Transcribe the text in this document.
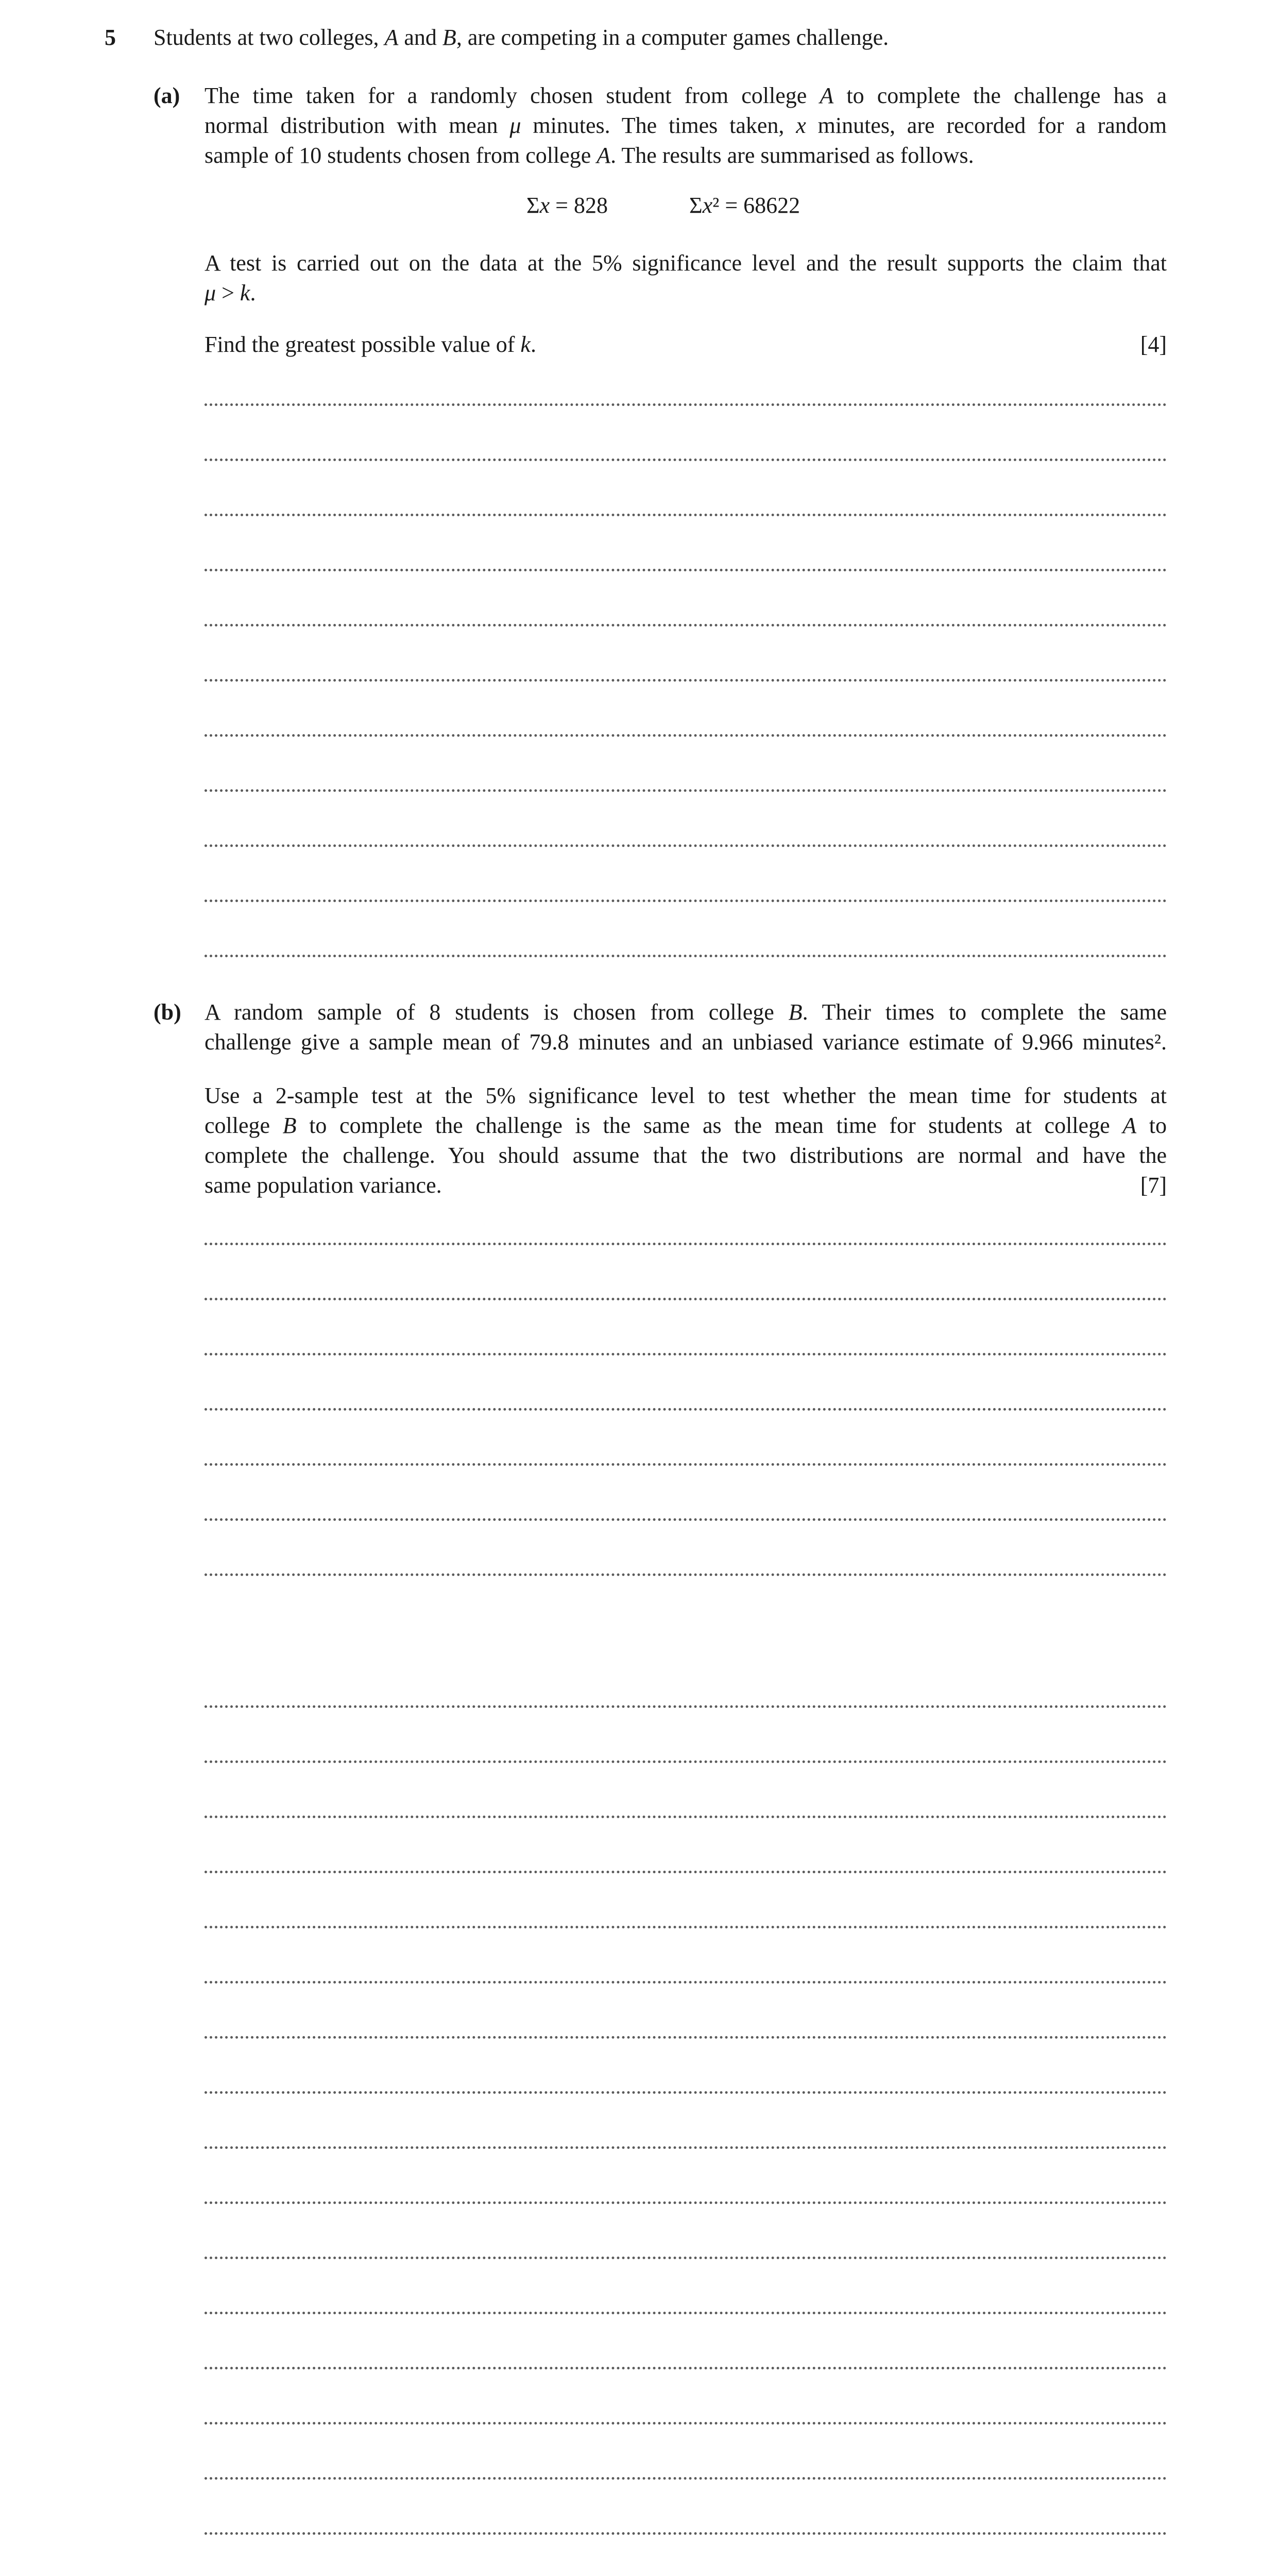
5 Students at two colleges, A and B, are competing in a computer games challenge.
(a) The time taken for a randomly chosen student from college A to complete the challenge has a
normal distribution with mean μ minutes. The times taken, x minutes, are recorded for a random
sample of 10 students chosen from college A. The results are summarised as follows.
Σx = 828	Σx² = 68622
A test is carried out on the data at the 5% significance level and the result supports the claim that
μ > k.
Find the greatest possible value of k.	[4]
(b) A random sample of 8 students is chosen from college B. Their times to complete the same
challenge give a sample mean of 79.8 minutes and an unbiased variance estimate of 9.966 minutes².
Use a 2-sample test at the 5% significance level to test whether the mean time for students at
college B to complete the challenge is the same as the mean time for students at college A to
complete the challenge. You should assume that the two distributions are normal and have the
same population variance.	[7]
